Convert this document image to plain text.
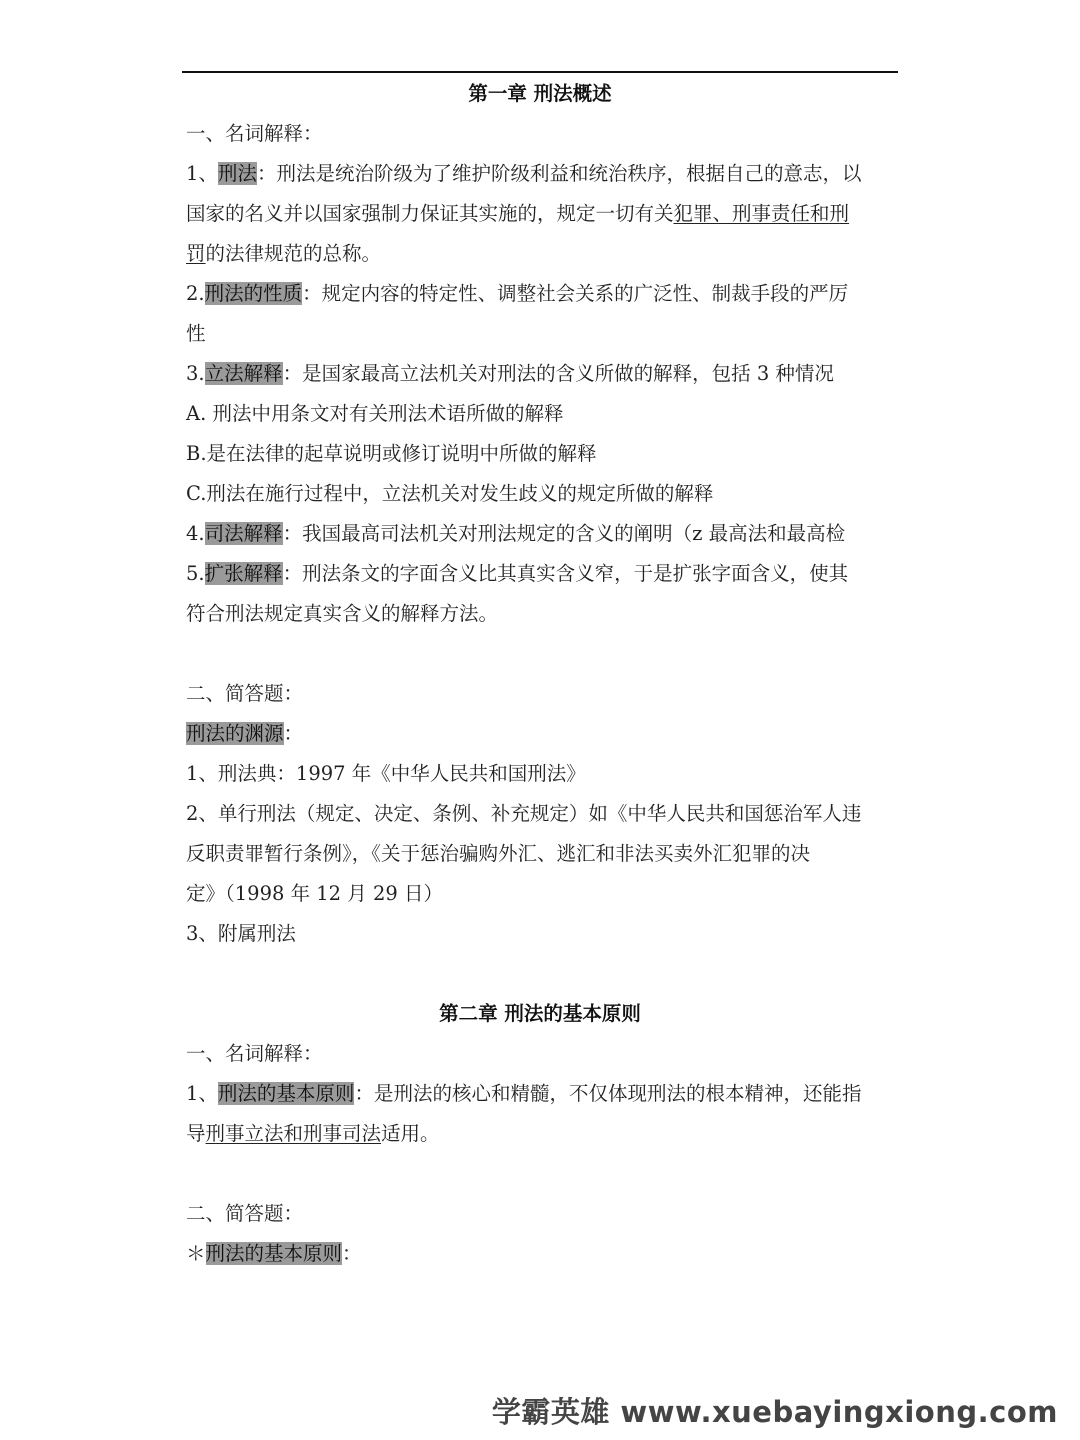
第一章 刑法概述
一、名词解释：
1、刑法：刑法是统治阶级为了维护阶级利益和统治秩序，根据自己的意志，以
国家的名义并以国家强制力保证其实施的，规定一切有关犯罪、刑事责任和刑
罚的法律规范的总称。
2.刑法的性质：规定内容的特定性、调整社会关系的广泛性、制裁手段的严厉
性
3.立法解释：是国家最高立法机关对刑法的含义所做的解释，包括 3 种情况
A. 刑法中用条文对有关刑法术语所做的解释
B.是在法律的起草说明或修订说明中所做的解释
C.刑法在施行过程中，立法机关对发生歧义的规定所做的解释
4.司法解释：我国最高司法机关对刑法规定的含义的阐明（z 最高法和最高检
5.扩张解释：刑法条文的字面含义比其真实含义窄，于是扩张字面含义，使其
符合刑法规定真实含义的解释方法。
二、简答题：
刑法的渊源：
1、刑法典：1997 年《中华人民共和国刑法》
2、单行刑法（规定、决定、条例、补充规定）如《中华人民共和国惩治军人违
反职责罪暂行条例》，《关于惩治骗购外汇、逃汇和非法买卖外汇犯罪的决
定》（1998 年 12 月 29 日）
3、附属刑法
第二章 刑法的基本原则
一、名词解释：
1、刑法的基本原则：是刑法的核心和精髓，不仅体现刑法的根本精神，还能指
导刑事立法和刑事司法适用。
二、简答题：
＊刑法的基本原则：
学霸英雄 www.xuebayingxiong.com
